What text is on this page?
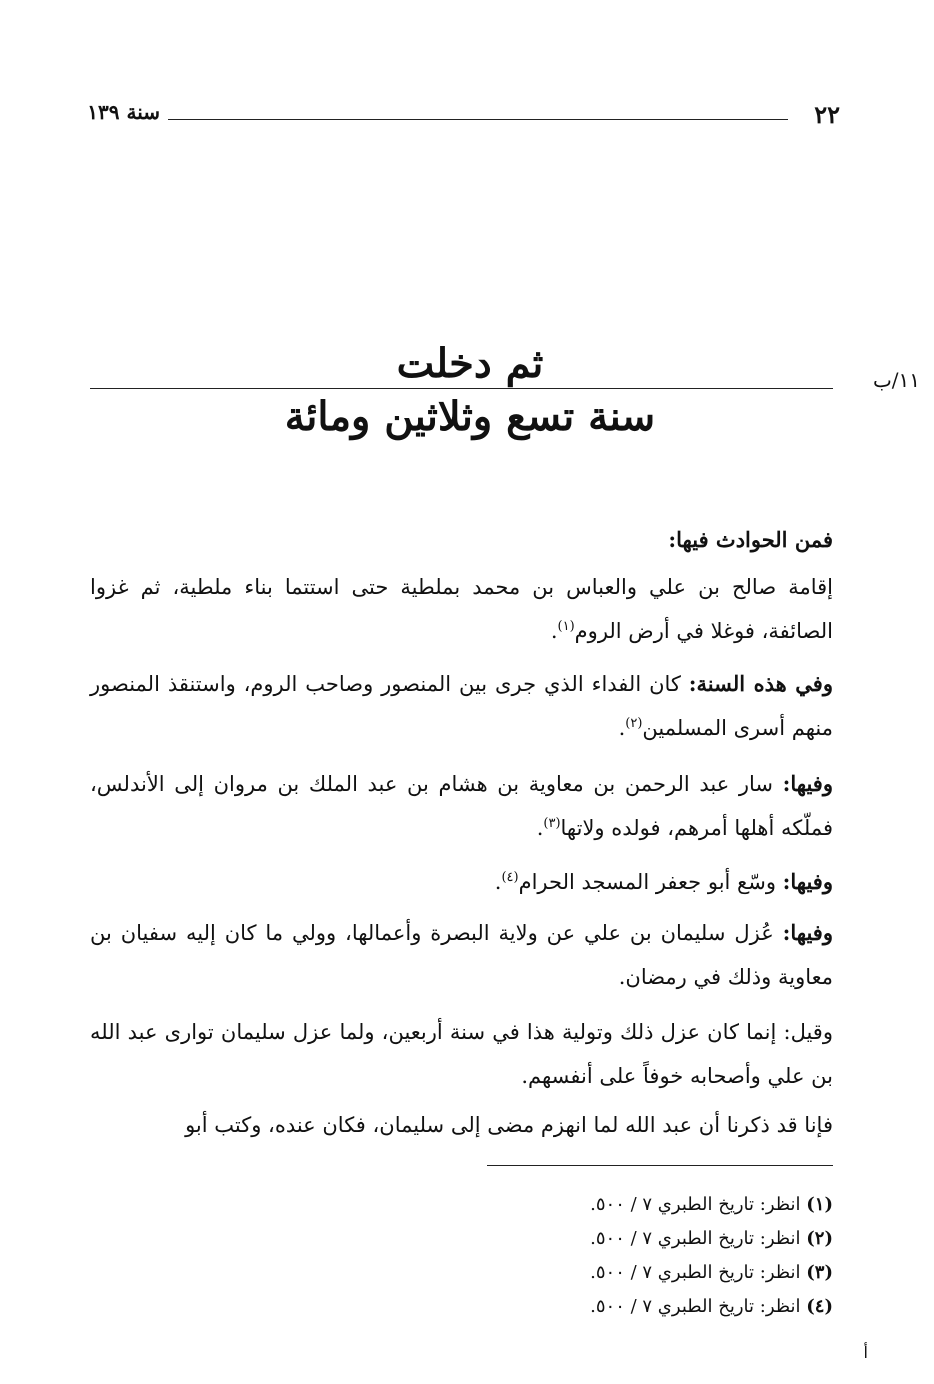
٢٢
سنة ١٣٩
١١/ب
ثم دخلت
سنة تسع وثلاثين ومائة
فمن الحوادث فيها:
إقامة صالح بن علي والعباس بن محمد بملطية حتى استتما بناء ملطية، ثم غزوا الصائفة، فوغلا في أرض الروم$^{(١)}$.
وفي هذه السنة: كان الفداء الذي جرى بين المنصور وصاحب الروم، واستنقذ المنصور منهم أسرى المسلمين$^{(٢)}$.
وفيها: سار عبد الرحمن بن معاوية بن هشام بن عبد الملك بن مروان إلى الأندلس، فملّكه أهلها أمرهم، فولده ولاتها$^{(٣)}$.
وفيها: وسّع أبو جعفر المسجد الحرام$^{(٤)}$.
وفيها: عُزل سليمان بن علي عن ولاية البصرة وأعمالها، وولي ما كان إليه سفيان بن معاوية وذلك في رمضان.
وقيل: إنما كان عزل ذلك وتولية هذا في سنة أربعين، ولما عزل سليمان توارى عبد الله بن علي وأصحابه خوفاً على أنفسهم.
فإنا قد ذكرنا أن عبد الله لما انهزم مضى إلى سليمان، فكان عنده، وكتب أبو
(١) انظر: تاريخ الطبري ٧ / ٥٠٠.
(٢) انظر: تاريخ الطبري ٧ / ٥٠٠.
(٣) انظر: تاريخ الطبري ٧ / ٥٠٠.
(٤) انظر: تاريخ الطبري ٧ / ٥٠٠.
أ
